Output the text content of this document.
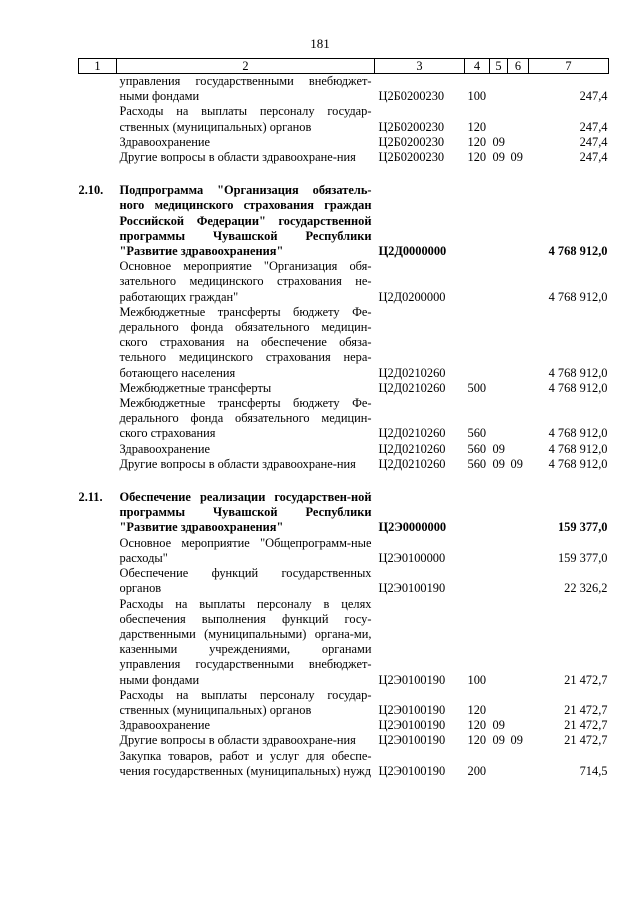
181
1	2	3	4	5	6	7
	управления государственными внебюджет-ными фондами	Ц2Б0200230	100			247,4
	Расходы на выплаты персоналу государ-ственных (муниципальных) органов	Ц2Б0200230	120			247,4
	Здравоохранение	Ц2Б0200230	120	09		247,4
	Другие вопросы в области здравоохране-ния	Ц2Б0200230	120	09	09	247,4

2.10.	Подпрограмма "Организация обязатель-ного медицинского страхования граждан Российской Федерации" государственной программы Чувашской Республики "Развитие здравоохранения"	Ц2Д0000000				4 768 912,0
	Основное мероприятие "Организация обя-зательного медицинского страхования не-работающих граждан"	Ц2Д0200000				4 768 912,0
	Межбюджетные трансферты бюджету Фе-дерального фонда обязательного медицин-ского страхования на обеспечение обяза-тельного медицинского страхования нера-ботающего населения	Ц2Д0210260				4 768 912,0
	Межбюджетные трансферты	Ц2Д0210260	500			4 768 912,0
	Межбюджетные трансферты бюджету Фе-дерального фонда обязательного медицин-ского страхования	Ц2Д0210260	560			4 768 912,0
	Здравоохранение	Ц2Д0210260	560	09		4 768 912,0
	Другие вопросы в области здравоохране-ния	Ц2Д0210260	560	09	09	4 768 912,0

2.11.	Обеспечение реализации государствен-ной программы Чувашской Республики "Развитие здравоохранения"	Ц2Э0000000				159 377,0
	Основное мероприятие "Общепрограмм-ные расходы"	Ц2Э0100000				159 377,0
	Обеспечение функций государственных органов	Ц2Э0100190				22 326,2
	Расходы на выплаты персоналу в целях обеспечения выполнения функций госу-дарственными (муниципальными) органа-ми, казенными учреждениями, органами управления государственными внебюджет-ными фондами	Ц2Э0100190	100			21 472,7
	Расходы на выплаты персоналу государ-ственных (муниципальных) органов	Ц2Э0100190	120			21 472,7
	Здравоохранение	Ц2Э0100190	120	09		21 472,7
	Другие вопросы в области здравоохране-ния	Ц2Э0100190	120	09	09	21 472,7
	Закупка товаров, работ и услуг для обеспе-чения государственных (муниципальных) нужд	Ц2Э0100190	200			714,5
